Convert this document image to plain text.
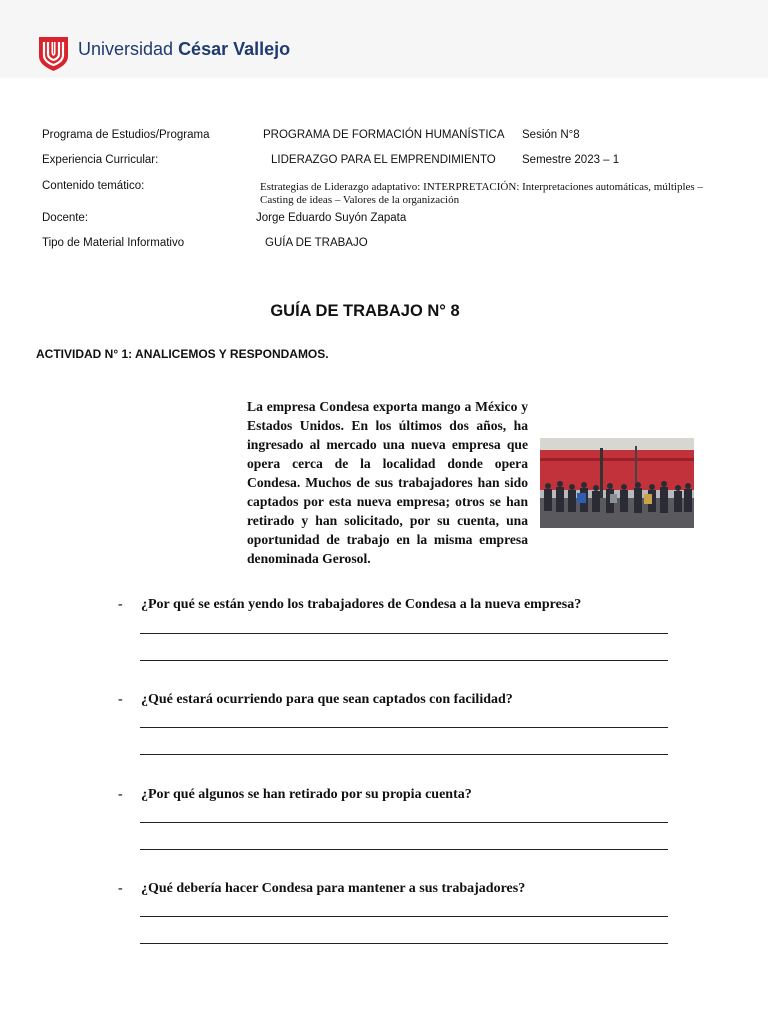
Universidad César Vallejo
Programa de Estudios/Programa	PROGRAMA DE FORMACIÓN HUMANÍSTICA Sesión N°8
Experiencia Curricular:	LIDERAZGO PARA EL EMPRENDIMIENTO Semestre 2023 – 1
Contenido temático:	Estrategias de Liderazgo adaptativo: INTERPRETACIÓN: Interpretaciones automáticas, múltiples – Casting de ideas – Valores de la organización
Docente:	Jorge Eduardo Suyón Zapata
Tipo de Material Informativo	GUÍA DE TRABAJO
GUÍA DE TRABAJO N° 8
ACTIVIDAD N° 1: ANALICEMOS Y RESPONDAMOS.
La empresa Condesa exporta mango a México y Estados Unidos. En los últimos dos años, ha ingresado al mercado una nueva empresa que opera cerca de la localidad donde opera Condesa. Muchos de sus trabajadores han sido captados por esta nueva empresa; otros se han retirado y han solicitado, por su cuenta, una oportunidad de trabajo en la misma empresa denominada Gerosol.
- ¿Por qué se están yendo los trabajadores de Condesa a la nueva empresa?
- ¿Qué estará ocurriendo para que sean captados con facilidad?
- ¿Por qué algunos se han retirado por su propia cuenta?
- ¿Qué debería hacer Condesa para mantener a sus trabajadores?
